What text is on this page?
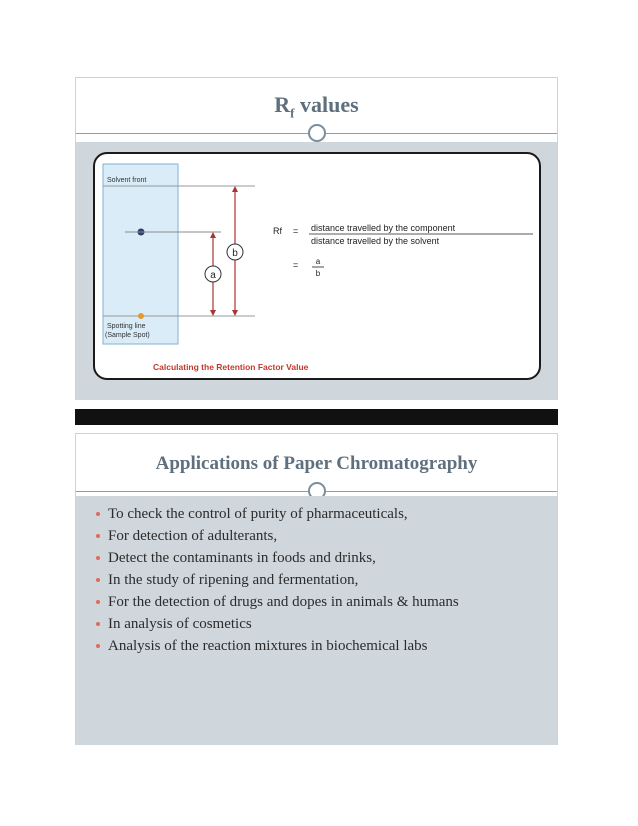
$R_f$ values
Solvent front
Spotting line
(Sample Spot)
a
b
Rf = distance travelled by the component
distance travelled by the solvent
= a
b
Calculating the Retention Factor Value
Applications of Paper Chromatography
To check the control of purity of pharmaceuticals,
For detection of adulterants,
Detect the contaminants in foods and drinks,
In the study of ripening and fermentation,
For the detection of drugs and dopes in animals & humans
In analysis of cosmetics
Analysis of the reaction mixtures in biochemical labs
